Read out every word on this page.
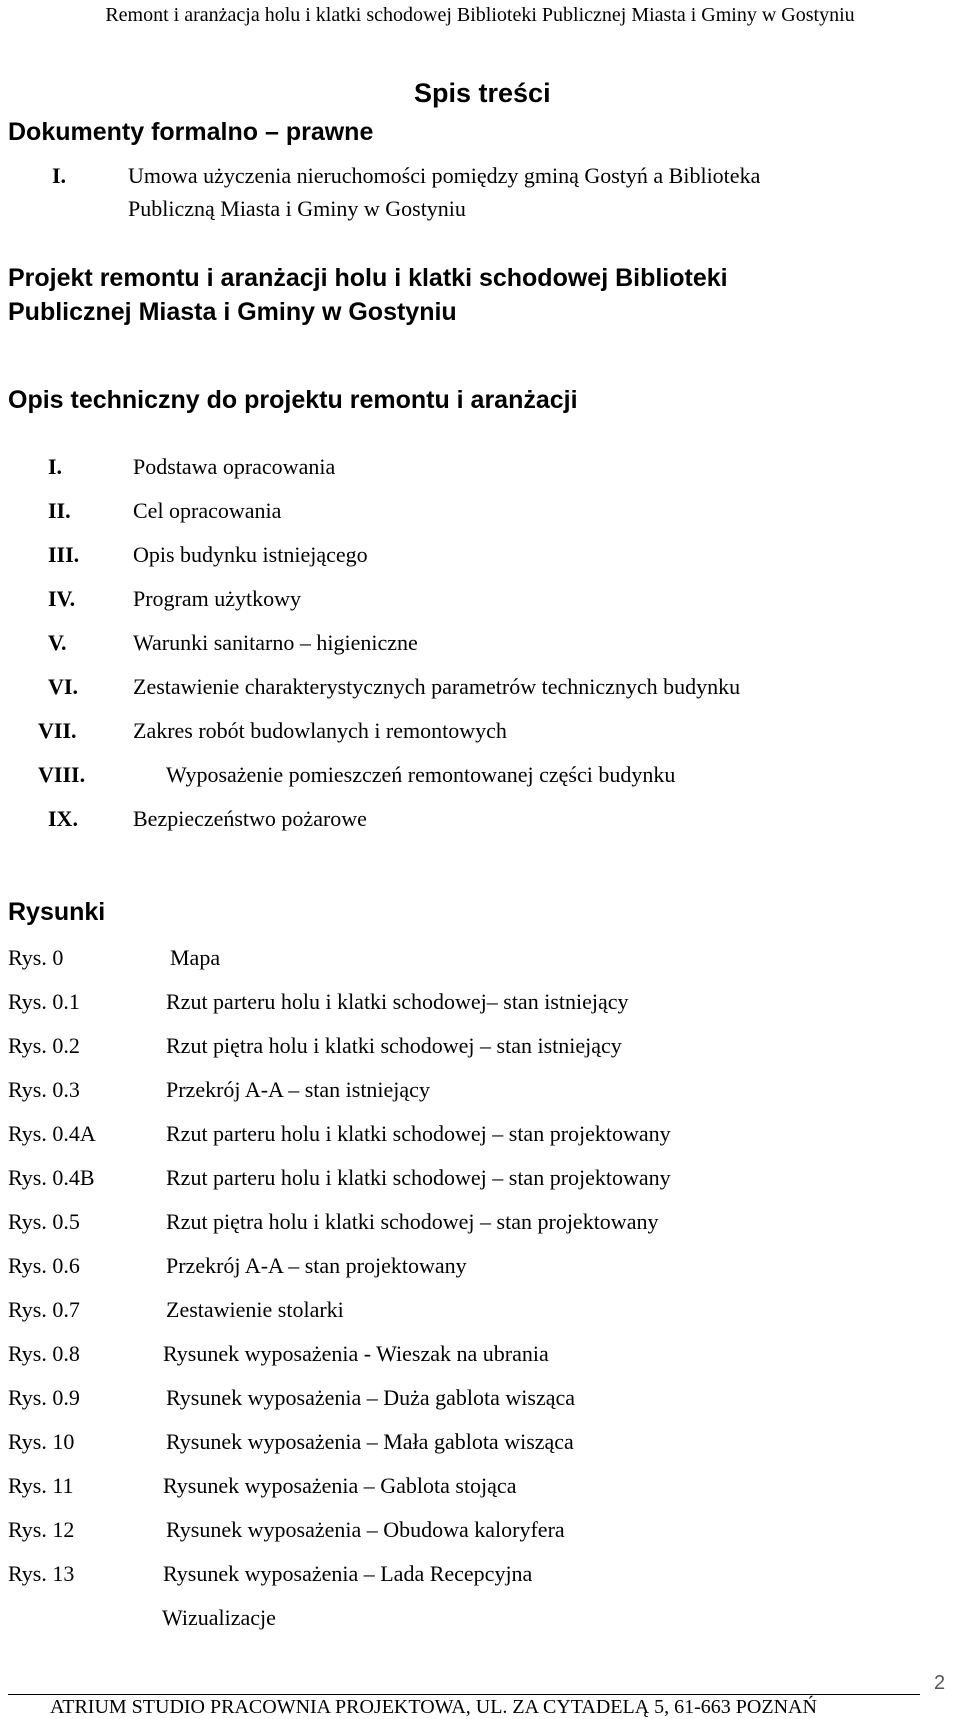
Remont i aranżacja holu i klatki schodowej Biblioteki Publicznej Miasta i Gminy w Gostyniu
Spis treści
Dokumenty formalno – prawne
I.	Umowa użyczenia nieruchomości pomiędzy gminą Gostyń a Biblioteka
Publiczną Miasta i Gminy w Gostyniu
Projekt remontu i aranżacji holu i klatki schodowej Biblioteki
Publicznej Miasta i Gminy w Gostyniu
Opis techniczny do projektu remontu i aranżacji
I.	Podstawa opracowania
II.	Cel opracowania
III. Opis budynku istniejącego
IV.	Program użytkowy
V.	Warunki sanitarno – higieniczne
VI.	Zestawienie charakterystycznych parametrów technicznych budynku
VII.	Zakres robót budowlanych i remontowych
VIII.	Wyposażenie pomieszczeń remontowanej części budynku
IX.	Bezpieczeństwo pożarowe
Rysunki
Rys. 0	Mapa
Rys. 0.1	Rzut parteru holu i klatki schodowej– stan istniejący
Rys. 0.2	Rzut piętra holu i klatki schodowej – stan istniejący
Rys. 0.3	Przekrój A-A – stan istniejący
Rys. 0.4A	Rzut parteru holu i klatki schodowej – stan projektowany
Rys. 0.4B	Rzut parteru holu i klatki schodowej – stan projektowany
Rys. 0.5	Rzut piętra holu i klatki schodowej – stan projektowany
Rys. 0.6	Przekrój A-A – stan projektowany
Rys. 0.7	Zestawienie stolarki
Rys. 0.8	Rysunek wyposażenia - Wieszak na ubrania
Rys. 0.9	Rysunek wyposażenia – Duża gablota wisząca
Rys. 10	Rysunek wyposażenia – Mała gablota wisząca
Rys. 11	Rysunek wyposażenia – Gablota stojąca
Rys. 12	Rysunek wyposażenia – Obudowa kaloryfera
Rys. 13	Rysunek wyposażenia – Lada Recepcyjna
Wizualizacje
2
ATRIUM STUDIO PRACOWNIA PROJEKTOWA, UL. ZA CYTADELĄ 5, 61-663 POZNAŃ
